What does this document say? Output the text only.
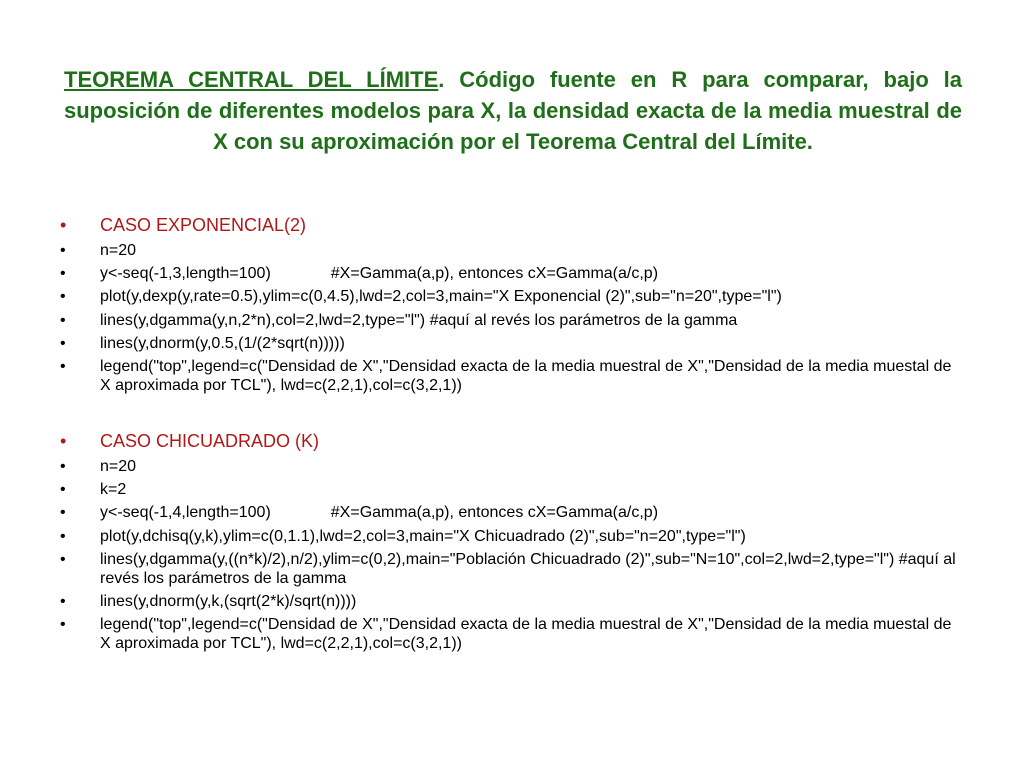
TEOREMA CENTRAL DEL LÍMITE. Código fuente en R para comparar, bajo la suposición de diferentes modelos para X, la densidad exacta de la media muestral de X con su aproximación por el Teorema Central del Límite.
•	CASO EXPONENCIAL(2)
•	n=20
•	y<-seq(-1,3,length=100)	#X=Gamma(a,p), entonces cX=Gamma(a/c,p)
•	plot(y,dexp(y,rate=0.5),ylim=c(0,4.5),lwd=2,col=3,main="X Exponencial (2)",sub="n=20",type="l")
•	lines(y,dgamma(y,n,2*n),col=2,lwd=2,type="l") #aquí al revés los parámetros de la gamma
•	lines(y,dnorm(y,0.5,(1/(2*sqrt(n)))))
•	legend("top",legend=c("Densidad de X","Densidad exacta de la media muestral de X","Densidad de la media muestal de X aproximada por TCL"), lwd=c(2,2,1),col=c(3,2,1))
•	CASO CHICUADRADO (K)
•	n=20
•	k=2
•	y<-seq(-1,4,length=100)	#X=Gamma(a,p), entonces cX=Gamma(a/c,p)
•	plot(y,dchisq(y,k),ylim=c(0,1.1),lwd=2,col=3,main="X Chicuadrado (2)",sub="n=20",type="l")
•	lines(y,dgamma(y,((n*k)/2),n/2),ylim=c(0,2),main="Población Chicuadrado (2)",sub="N=10",col=2,lwd=2,type="l") #aquí al revés los parámetros de la gamma
•	lines(y,dnorm(y,k,(sqrt(2*k)/sqrt(n))))
•	legend("top",legend=c("Densidad de X","Densidad exacta de la media muestral de X","Densidad de la media muestal de X aproximada por TCL"), lwd=c(2,2,1),col=c(3,2,1))
